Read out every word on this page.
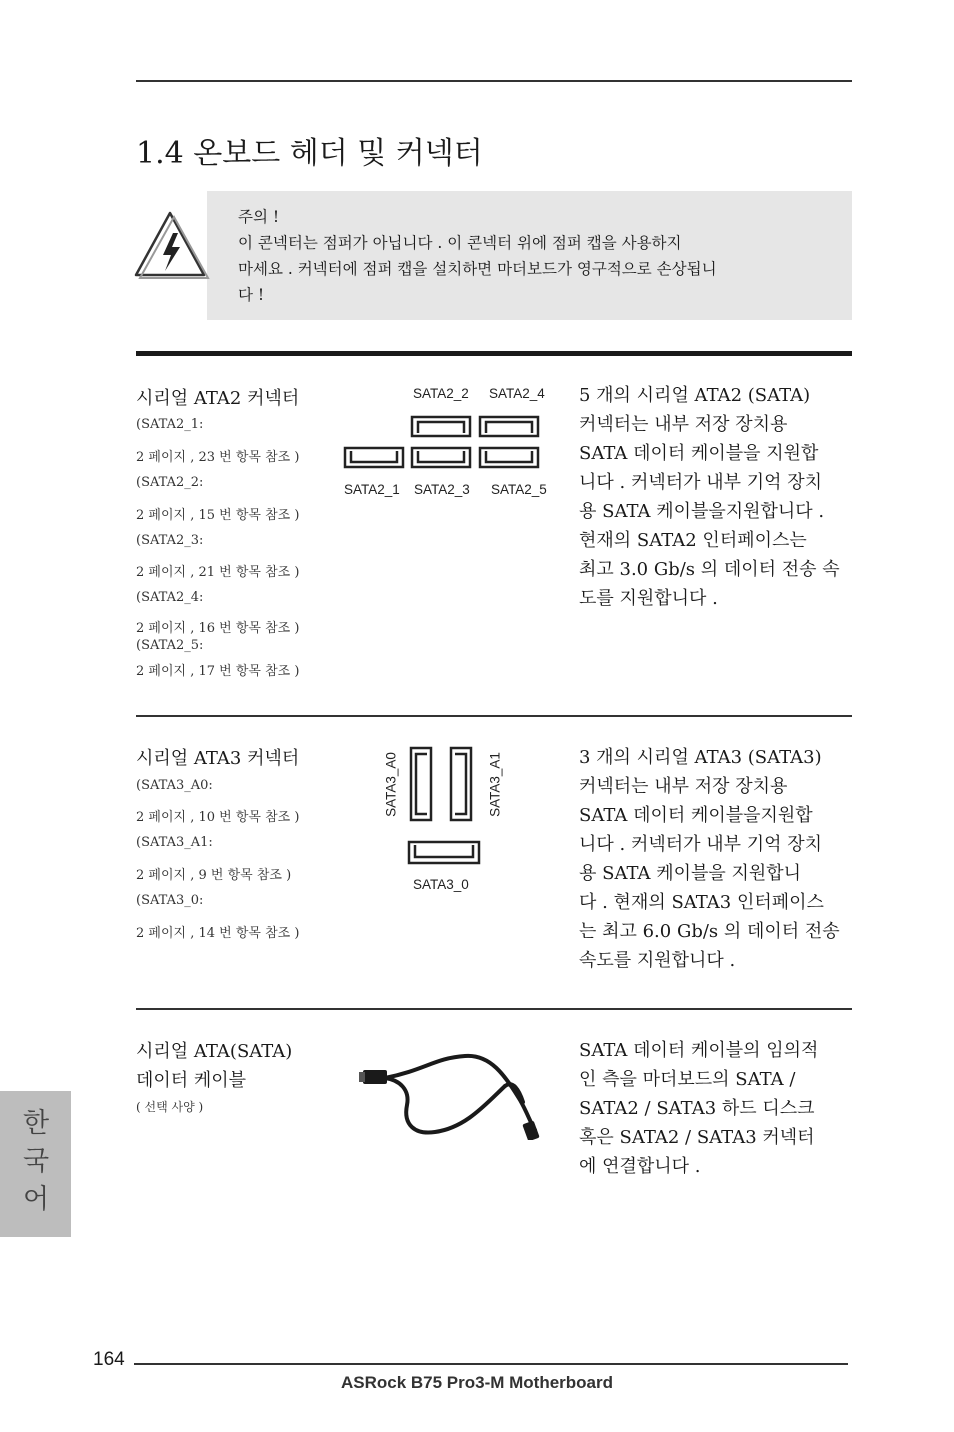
1.4 온보드 헤더 및 커넥터
주의 !
이 콘넥터는 점퍼가 아닙니다 . 이 콘넥터 위에 점퍼 캡을 사용하지
마세요 . 커넥터에 점퍼 캡을 설치하면 마더보드가 영구적으로 손상됩니
다 !
시리얼 ATA2 커넥터
(SATA2_1:
2 페이지 , 23 번 항목 참조 )
(SATA2_2:
2 페이지 , 15 번 항목 참조 )
(SATA2_3:
2 페이지 , 21 번 항목 참조 )
(SATA2_4:
2 페이지 , 16 번 항목 참조 )
(SATA2_5:
2 페이지 , 17 번 항목 참조 )
SATA2_2 SATA2_4
SATA2_1 SATA2_3 SATA2_5
5 개의 시리얼 ATA2 (SATA)
커넥터는 내부 저장 장치용
SATA 데이터 케이블을 지원합
니다 . 커넥터가 내부 기억 장치
용 SATA 케이블을지원합니다 .
현재의 SATA2 인터페이스는
최고 3.0 Gb/s 의 데이터 전송 속
도를 지원합니다 .
시리얼 ATA3 커넥터
(SATA3_A0:
2 페이지 , 10 번 항목 참조 )
(SATA3_A1:
2 페이지 , 9 번 항목 참조 )
(SATA3_0:
2 페이지 , 14 번 항목 참조 )
SATA3_A0	SATA3_A1
SATA3_0
3 개의 시리얼 ATA3 (SATA3)
커넥터는 내부 저장 장치용
SATA 데이터 케이블을지원합
니다 . 커넥터가 내부 기억 장치
용 SATA 케이블을 지원합니
다 . 현재의 SATA3 인터페이스
는 최고 6.0 Gb/s 의 데이터 전송
속도를 지원합니다 .
시리얼 ATA(SATA)
데이터 케이블
( 선택 사양 )
SATA 데이터 케이블의 임의적
인 측을 마더보드의 SATA /
SATA2 / SATA3 하드 디스크
혹은 SATA2 / SATA3 커넥터
에 연결합니다 .
한
국
어
164
ASRock B75 Pro3-M Motherboard
